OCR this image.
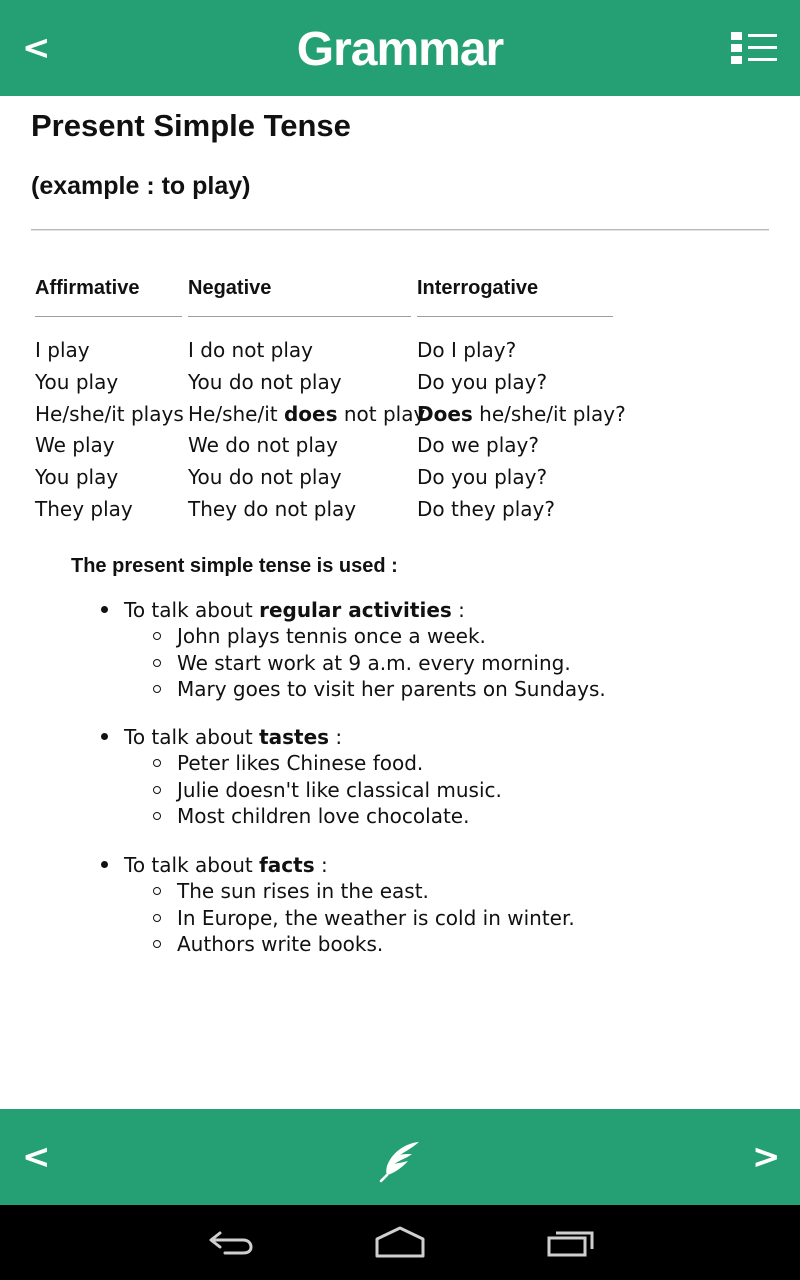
<	Grammar
Present Simple Tense
(example : to play)
Affirmative
I play
You play
He/she/it plays
We play
You play
They play
Negative
I do not play
You do not play
He/she/it does not play
We do not play
You do not play
They do not play
Interrogative
Do I play?
Do you play?
Does he/she/it play?
Do we play?
Do you play?
Do they play?
The present simple tense is used :
To talk about regular activities :
John plays tennis once a week.
We start work at 9 a.m. every morning.
Mary goes to visit her parents on Sundays.
To talk about tastes :
Peter likes Chinese food.
Julie doesn't like classical music.
Most children love chocolate.
To talk about facts :
The sun rises in the east.
In Europe, the weather is cold in winter.
Authors write books.
<	>
